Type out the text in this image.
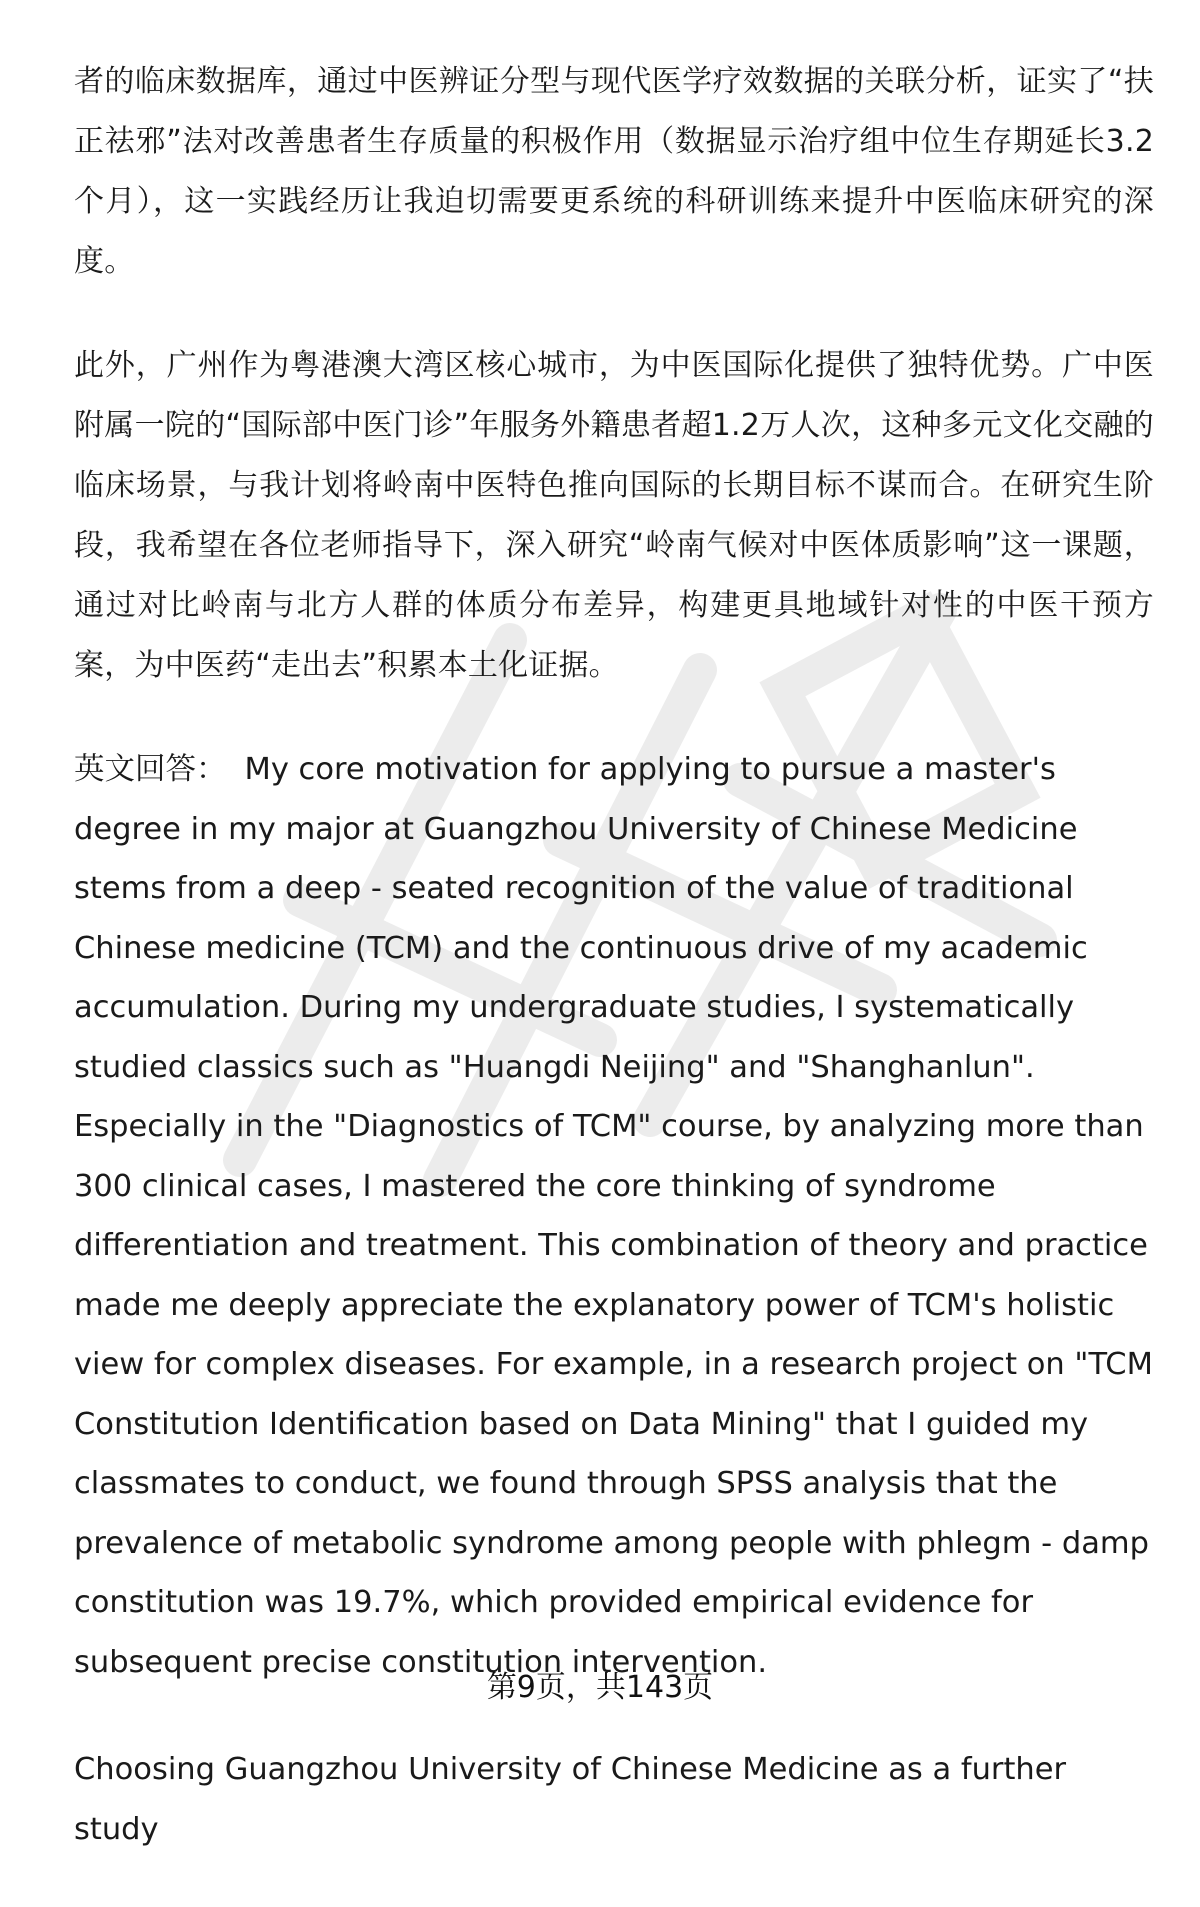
者的临床数据库，通过中医辨证分型与现代医学疗效数据的关联分析，证实了“扶正祛邪”法对改善患者生存质量的积极作用（数据显示治疗组中位生存期延长3.2个月），这一实践经历让我迫切需要更系统的科研训练来提升中医临床研究的深度。

此外，广州作为粤港澳大湾区核心城市，为中医国际化提供了独特优势。广中医附属一院的“国际部中医门诊”年服务外籍患者超1.2万人次，这种多元文化交融的临床场景，与我计划将岭南中医特色推向国际的长期目标不谋而合。在研究生阶段，我希望在各位老师指导下，深入研究“岭南气候对中医体质影响”这一课题，通过对比岭南与北方人群的体质分布差异，构建更具地域针对性的中医干预方案，为中医药“走出去”积累本土化证据。

英文回答： My core motivation for applying to pursue a master's degree in my major at Guangzhou University of Chinese Medicine stems from a deep - seated recognition of the value of traditional Chinese medicine (TCM) and the continuous drive of my academic accumulation. During my undergraduate studies, I systematically studied classics such as "Huangdi Neijing" and "Shanghanlun". Especially in the "Diagnostics of TCM" course, by analyzing more than 300 clinical cases, I mastered the core thinking of syndrome differentiation and treatment. This combination of theory and practice made me deeply appreciate the explanatory power of TCM's holistic view for complex diseases. For example, in a research project on "TCM Constitution Identification based on Data Mining" that I guided my classmates to conduct, we found through SPSS analysis that the prevalence of metabolic syndrome among people with phlegm - damp constitution was 19.7%, which provided empirical evidence for subsequent precise constitution intervention.

Choosing Guangzhou University of Chinese Medicine as a further study

第9页，共143页
